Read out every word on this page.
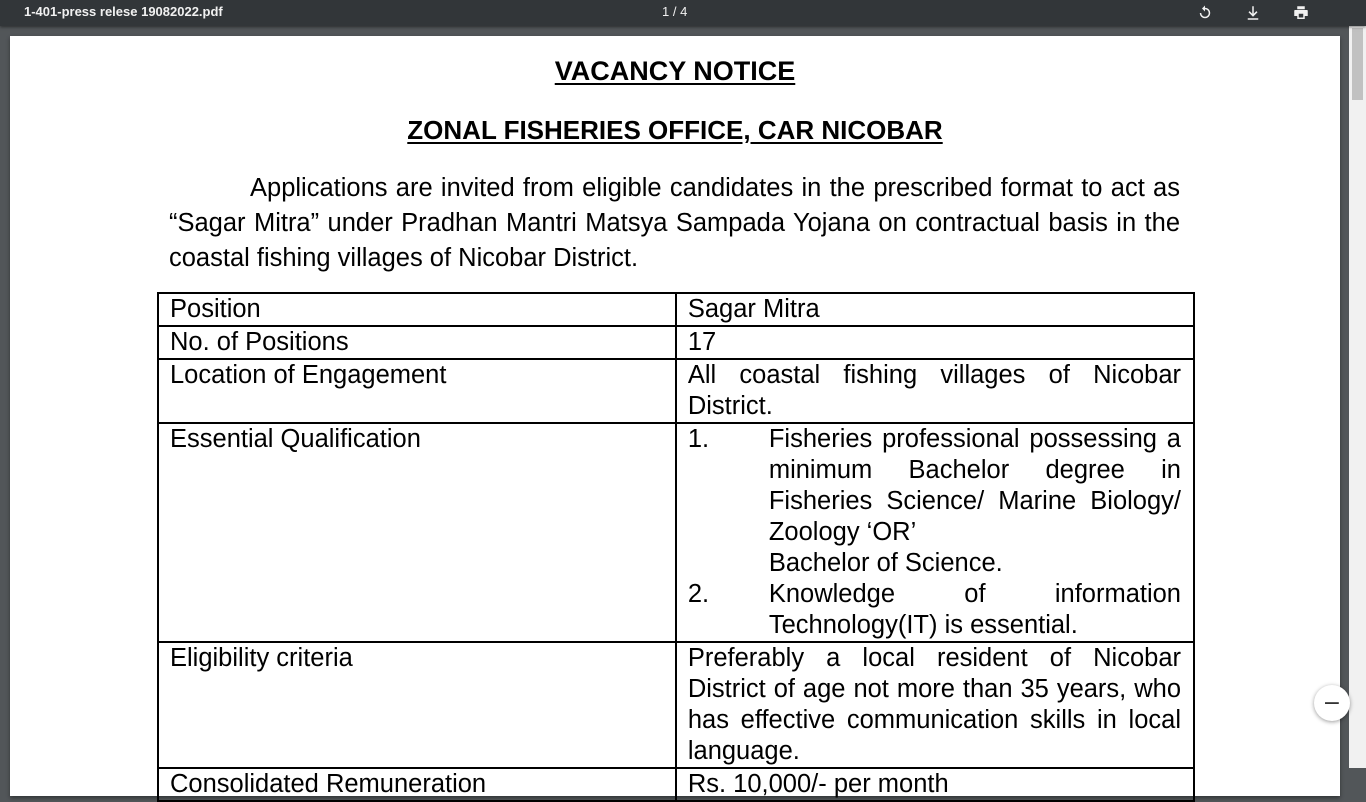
1-401-press relese 19082022.pdf	1 / 4
VACANCY NOTICE
ZONAL FISHERIES OFFICE, CAR NICOBAR
Applications are invited from eligible candidates in the prescribed format to act as “Sagar Mitra” under Pradhan Mantri Matsya Sampada Yojana on contractual basis in the coastal fishing villages of Nicobar District.
Position	Sagar Mitra
No. of Positions	17
Location of Engagement	All coastal fishing villages of Nicobar District.
Essential Qualification	1. Fisheries professional possessing a minimum Bachelor degree in Fisheries Science/ Marine Biology/ Zoology ‘OR’
Bachelor of Science.
2. Knowledge of information Technology(IT) is essential.

Eligibility criteria	Preferably a local resident of Nicobar District of age not more than 35 years, who has effective communication skills in local language.
Consolidated Remuneration	Rs. 10,000/- per month
−
